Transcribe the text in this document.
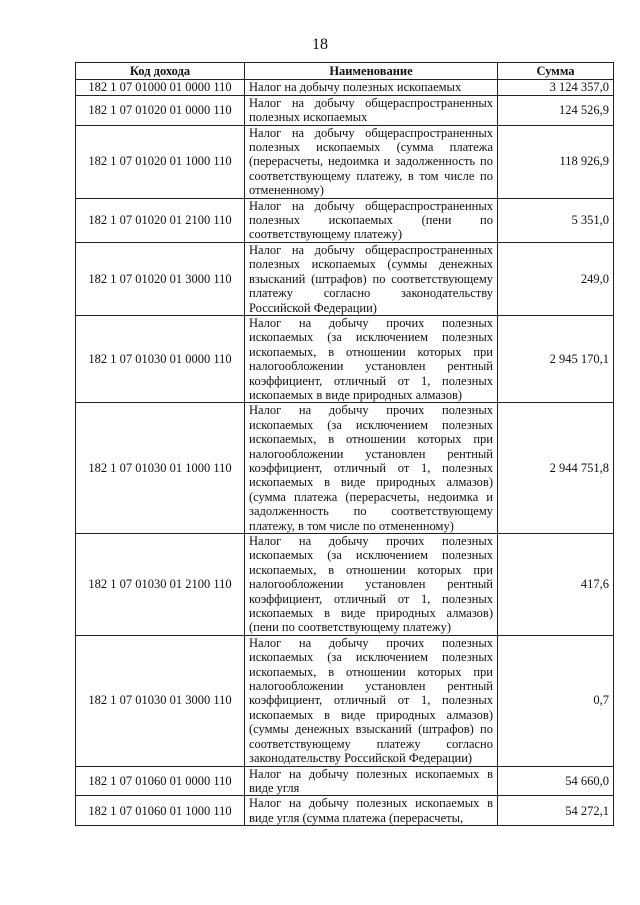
18
Код дохода	Наименование	Сумма
182 1 07 01000 01 0000 110	Налог на добычу полезных ископаемых	3 124 357,0
182 1 07 01020 01 0000 110	Налог на добычу общераспространенных полезных ископаемых	124 526,9
182 1 07 01020 01 1000 110	Налог на добычу общераспространенных полезных ископаемых (сумма платежа (перерасчеты, недоимка и задолженность по соответствующему платежу, в том числе по отмененному)	118 926,9
182 1 07 01020 01 2100 110	Налог на добычу общераспространенных полезных ископаемых (пени по соответствующему платежу)	5 351,0
182 1 07 01020 01 3000 110	Налог на добычу общераспространенных полезных ископаемых (суммы денежных взысканий (штрафов) по соответствующему платежу согласно законодательству Российской Федерации)	249,0
182 1 07 01030 01 0000 110	Налог на добычу прочих полезных ископаемых (за исключением полезных ископаемых, в отношении которых при налогообложении установлен рентный коэффициент, отличный от 1, полезных ископаемых в виде природных алмазов)	2 945 170,1
182 1 07 01030 01 1000 110	Налог на добычу прочих полезных ископаемых (за исключением полезных ископаемых, в отношении которых при налогообложении установлен рентный коэффициент, отличный от 1, полезных ископаемых в виде природных алмазов) (сумма платежа (перерасчеты, недоимка и задолженность по соответствующему платежу, в том числе по отмененному)	2 944 751,8
182 1 07 01030 01 2100 110	Налог на добычу прочих полезных ископаемых (за исключением полезных ископаемых, в отношении которых при налогообложении установлен рентный коэффициент, отличный от 1, полезных ископаемых в виде природных алмазов) (пени по соответствующему платежу)	417,6
182 1 07 01030 01 3000 110	Налог на добычу прочих полезных ископаемых (за исключением полезных ископаемых, в отношении которых при налогообложении установлен рентный коэффициент, отличный от 1, полезных ископаемых в виде природных алмазов) (суммы денежных взысканий (штрафов) по соответствующему платежу согласно законодательству Российской Федерации)	0,7
182 1 07 01060 01 0000 110	Налог на добычу полезных ископаемых в виде угля	54 660,0
182 1 07 01060 01 1000 110	Налог на добычу полезных ископаемых в виде угля (сумма платежа (перерасчеты,	54 272,1
